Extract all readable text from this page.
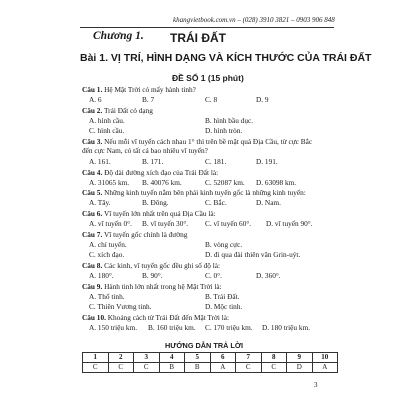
khangvietbook.com.vn – (028) 3910 3821 – 0903 906 848
Chương 1. TRÁI ĐẤT
Bài 1. VỊ TRÍ, HÌNH DẠNG VÀ KÍCH THƯỚC CỦA TRÁI ĐẤT
ĐỀ SỐ 1 (15 phút)
Câu 1. Hệ Mặt Trời có mấy hành tinh?
A. 6	B. 7	C. 8	D. 9
Câu 2. Trái Đất có dạng
A. hình cầu.	B. hình bầu dục.
C. hình cầu.	D. hình tròn.
Câu 3. Nếu mỗi vĩ tuyến cách nhau 1° thì trên bề mặt quả Địa Cầu, từ cực Bắc
đến cực Nam, có tất cả bao nhiêu vĩ tuyến?
A. 161.	B. 171.	C. 181.	D. 191.
Câu 4. Độ dài đường xích đạo của Trái Đất là:
A. 31065 km. B. 40076 km.	C. 52087 km. D. 63098 km.
Câu 5. Những kinh tuyến nằm bên phải kinh tuyến gốc là những kinh tuyến:
A. Tây.	B. Đông.	C. Bắc.	D. Nam.
Câu 6. Vĩ tuyến lớn nhất trên quả Địa Cầu là:
A. vĩ tuyến 0°. B. vĩ tuyến 30°. C. vĩ tuyến 60°. D. vĩ tuyến 90°.
Câu 7. Vĩ tuyến gốc chính là đường
A. chí tuyến.	B. vòng cực.
C. xích đạo.	D. đi qua đài thiên văn Grin-uýt.
Câu 8. Các kinh, vĩ tuyến gốc đều ghi số độ là:
A. 180°.	B. 90°.	C. 0°.	D. 360°.
Câu 9. Hành tinh lớn nhất trong hệ Mặt Trời là:
A. Thổ tinh.	B. Trái Đất.
C. Thiên Vương tinh.	D. Mộc tinh.
Câu 10. Khoảng cách từ Trái Đất đến Mặt Trời là:
A. 150 triệu km. B. 160 triệu km. C. 170 triệu km. D. 180 triệu km.
HƯỚNG DẪN TRẢ LỜI
1	2	3	4	5	6	7	8	9	10
C	C	C	B	B	A	C	C	D	A
3
